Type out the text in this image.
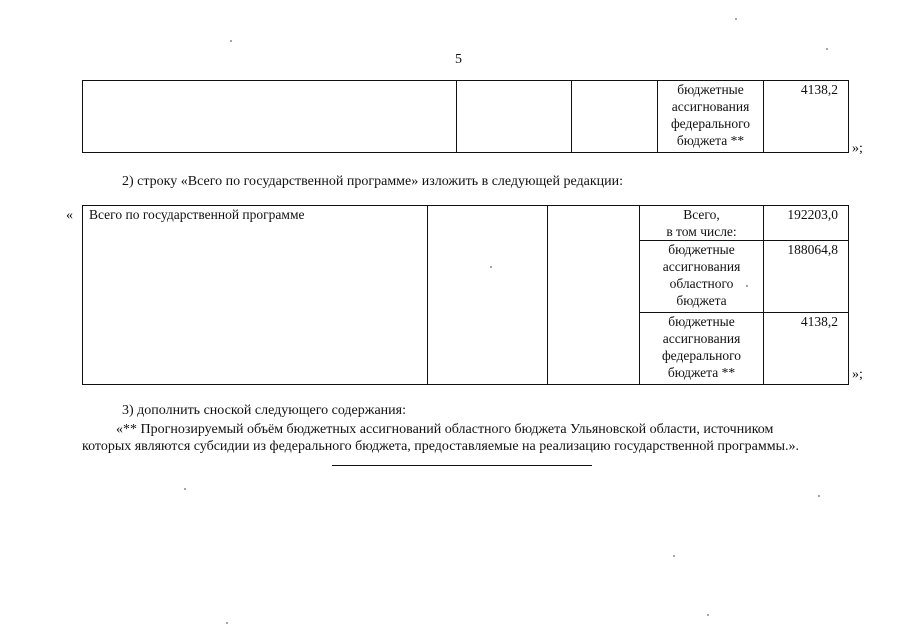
5
			бюджетные
ассигнования
федерального
бюджета **	4138,2
»;
2) строку «Всего по государственной программе» изложить в следующей редакции:
« Всего по государственной программе			Всего,
в том числе:	192203,0
			бюджетные
ассигнования
областного
бюджета	188064,8
			бюджетные
ассигнования
федерального
бюджета **	4138,2
»;
3) дополнить сноской следующего содержания:
«** Прогнозируемый объём бюджетных ассигнований областного бюджета Ульяновской области, источником
которых являются субсидии из федерального бюджета, предоставляемые на реализацию государственной программы.».
